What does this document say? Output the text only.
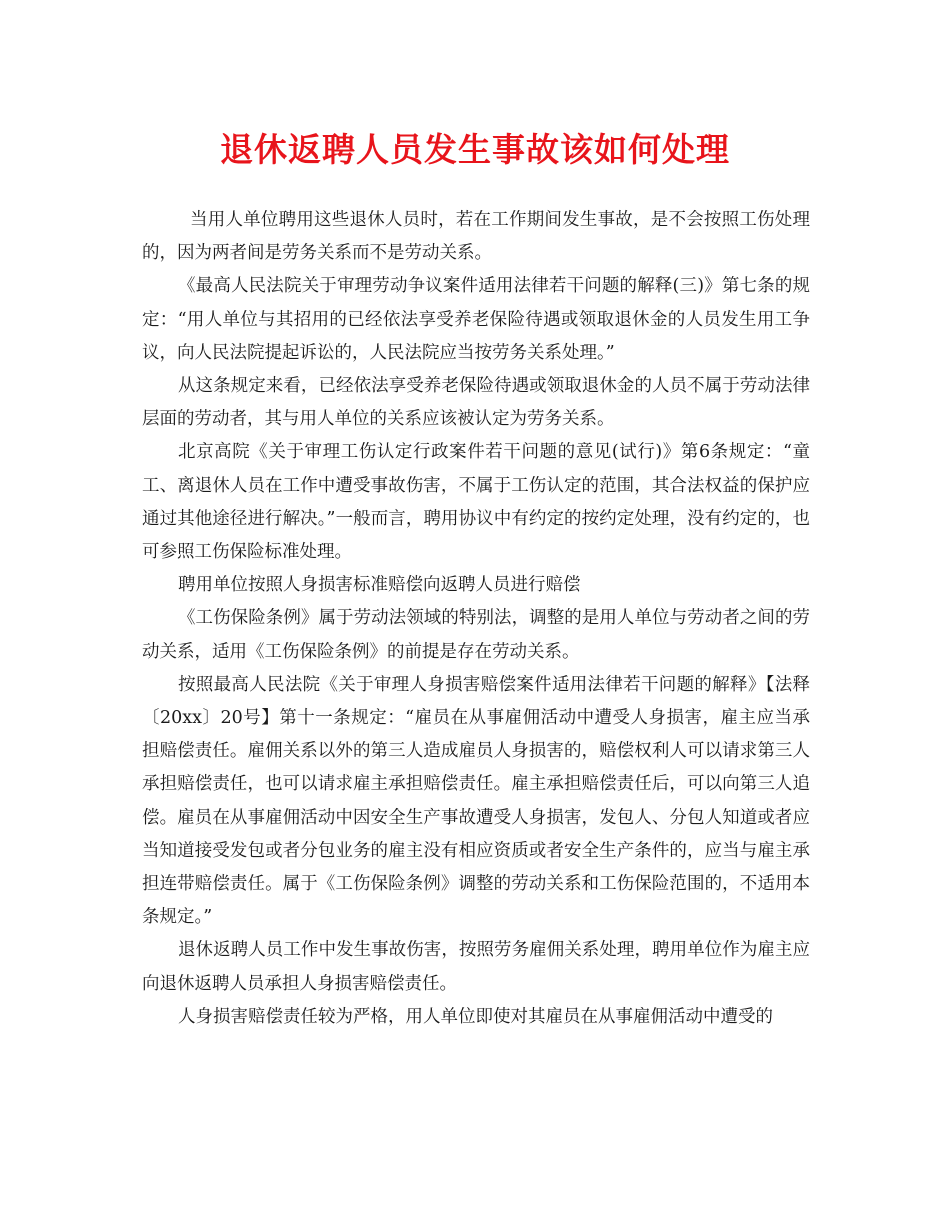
退休返聘人员发生事故该如何处理

当用人单位聘用这些退休人员时，若在工作期间发生事故，是不会按照工伤处理的，因为两者间是劳务关系而不是劳动关系。

《最高人民法院关于审理劳动争议案件适用法律若干问题的解释(三)》第七条的规定：“用人单位与其招用的已经依法享受养老保险待遇或领取退休金的人员发生用工争议，向人民法院提起诉讼的，人民法院应当按劳务关系处理。”

从这条规定来看，已经依法享受养老保险待遇或领取退休金的人员不属于劳动法律层面的劳动者，其与用人单位的关系应该被认定为劳务关系。

北京高院《关于审理工伤认定行政案件若干问题的意见(试行)》第6条规定：“童工、离退休人员在工作中遭受事故伤害，不属于工伤认定的范围，其合法权益的保护应通过其他途径进行解决。”一般而言，聘用协议中有约定的按约定处理，没有约定的，也可参照工伤保险标准处理。

聘用单位按照人身损害标准赔偿向返聘人员进行赔偿

《工伤保险条例》属于劳动法领域的特别法，调整的是用人单位与劳动者之间的劳动关系，适用《工伤保险条例》的前提是存在劳动关系。

按照最高人民法院《关于审理人身损害赔偿案件适用法律若干问题的解释》【法释〔20xx〕20号】第十一条规定：“雇员在从事雇佣活动中遭受人身损害，雇主应当承担赔偿责任。雇佣关系以外的第三人造成雇员人身损害的，赔偿权利人可以请求第三人承担赔偿责任，也可以请求雇主承担赔偿责任。雇主承担赔偿责任后，可以向第三人追偿。雇员在从事雇佣活动中因安全生产事故遭受人身损害，发包人、分包人知道或者应当知道接受发包或者分包业务的雇主没有相应资质或者安全生产条件的，应当与雇主承担连带赔偿责任。属于《工伤保险条例》调整的劳动关系和工伤保险范围的，不适用本条规定。”

退休返聘人员工作中发生事故伤害，按照劳务雇佣关系处理，聘用单位作为雇主应向退休返聘人员承担人身损害赔偿责任。

人身损害赔偿责任较为严格，用人单位即使对其雇员在从事雇佣活动中遭受的
